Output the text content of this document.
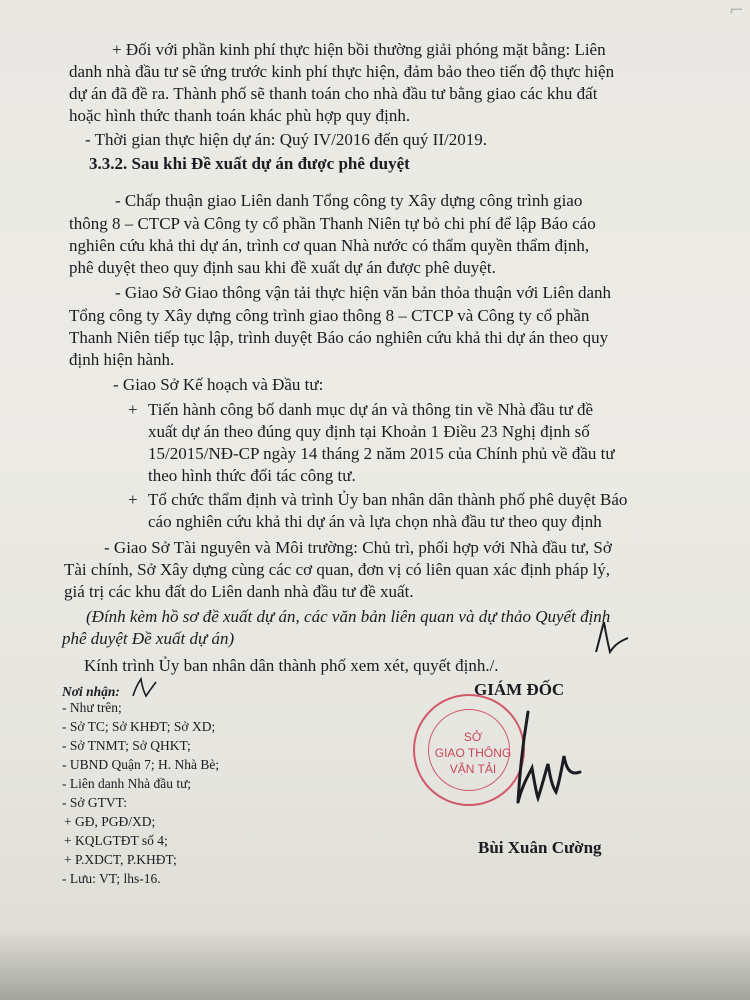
⌐
+ Đối với phần kinh phí thực hiện bồi thường giải phóng mặt bằng: Liên
danh nhà đầu tư sẽ ứng trước kinh phí thực hiện, đảm bảo theo tiến độ thực hiện
dự án đã đề ra. Thành phố sẽ thanh toán cho nhà đầu tư bằng giao các khu đất
hoặc hình thức thanh toán khác phù hợp quy định.
- Thời gian thực hiện dự án: Quý IV/2016 đến quý II/2019.
3.3.2. Sau khi Đề xuất dự án được phê duyệt
- Chấp thuận giao Liên danh Tổng công ty Xây dựng công trình giao
thông 8 – CTCP và Công ty cổ phần Thanh Niên tự bỏ chi phí để lập Báo cáo
nghiên cứu khả thi dự án, trình cơ quan Nhà nước có thẩm quyền thẩm định,
phê duyệt theo quy định sau khi đề xuất dự án được phê duyệt.
- Giao Sở Giao thông vận tải thực hiện văn bản thỏa thuận với Liên danh
Tổng công ty Xây dựng công trình giao thông 8 – CTCP và Công ty cổ phần
Thanh Niên tiếp tục lập, trình duyệt Báo cáo nghiên cứu khả thi dự án theo quy
định hiện hành.
- Giao Sở Kế hoạch và Đầu tư:
+ Tiến hành công bố danh mục dự án và thông tin về Nhà đầu tư đề
xuất dự án theo đúng quy định tại Khoản 1 Điều 23 Nghị định số
15/2015/NĐ-CP ngày 14 tháng 2 năm 2015 của Chính phủ về đầu tư
theo hình thức đối tác công tư.
+ Tổ chức thẩm định và trình Ủy ban nhân dân thành phố phê duyệt Báo
cáo nghiên cứu khả thi dự án và lựa chọn nhà đầu tư theo quy định
- Giao Sở Tài nguyên và Môi trường: Chủ trì, phối hợp với Nhà đầu tư, Sở
Tài chính, Sở Xây dựng cùng các cơ quan, đơn vị có liên quan xác định pháp lý,
giá trị các khu đất do Liên danh nhà đầu tư đề xuất.
(Đính kèm hồ sơ đề xuất dự án, các văn bản liên quan và dự thảo Quyết định
phê duyệt Đề xuất dự án)
Kính trình Ủy ban nhân dân thành phố xem xét, quyết định./.
Nơi nhận:
- Như trên;
- Sở TC; Sở KHĐT; Sở XD;
- Sở TNMT; Sở QHKT;
- UBND Quận 7; H. Nhà Bè;
- Liên danh Nhà đầu tư;
- Sở GTVT:
+ GĐ, PGĐ/XD;
+ KQLGTĐT số 4;
+ P.XDCT, P.KHĐT;
- Lưu: VT; lhs-16.
GIÁM ĐỐC
SỞ
GIAO THÔNG
VẬN TẢI
Bùi Xuân Cường
